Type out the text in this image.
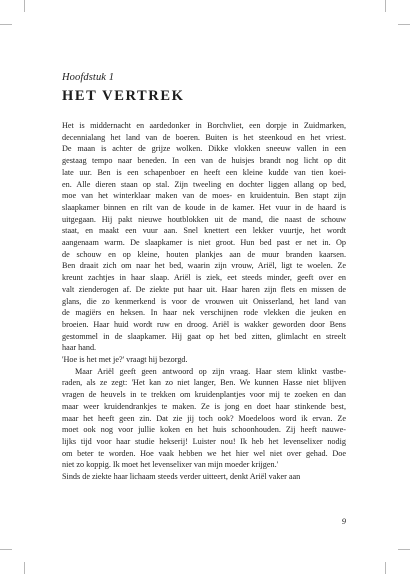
Hoofdstuk 1
HET VERTREK

Het is middernacht en aardedonker in Borchvliet, een dorpje in Zuidmarken,

decennialang het land van de boeren. Buiten is het steenkoud en het vriest.

De maan is achter de grijze wolken. Dikke vlokken sneeuw vallen in een

gestaag tempo naar beneden. In een van de huisjes brandt nog licht op dit

late uur. Ben is een schapenboer en heeft een kleine kudde van tien koei-

en. Alle dieren staan op stal. Zijn tweeling en dochter liggen allang op bed,

moe van het winterklaar maken van de moes- en kruidentuin. Ben stapt zijn

slaapkamer binnen en rilt van de koude in de kamer. Het vuur in de haard is

uitgegaan. Hij pakt nieuwe houtblokken uit de mand, die naast de schouw

staat, en maakt een vuur aan. Snel knettert een lekker vuurtje, het wordt

aangenaam warm. De slaapkamer is niet groot. Hun bed past er net in. Op

de schouw en op kleine, houten plankjes aan de muur branden kaarsen.

Ben draait zich om naar het bed, waarin zijn vrouw, Ariël, ligt te woelen. Ze

kreunt zachtjes in haar slaap. Ariël is ziek, eet steeds minder, geeft over en

valt zienderogen af. De ziekte put haar uit. Haar haren zijn flets en missen de

glans, die zo kenmerkend is voor de vrouwen uit Onisserland, het land van

de magiërs en heksen. In haar nek verschijnen rode vlekken die jeuken en

broeien. Haar huid wordt ruw en droog. Ariël is wakker geworden door Bens

gestommel in de slaapkamer. Hij gaat op het bed zitten, glimlacht en streelt

haar hand.

'Hoe is het met je?' vraagt hij bezorgd.

Maar Ariël geeft geen antwoord op zijn vraag. Haar stem klinkt vastbe-

raden, als ze zegt: 'Het kan zo niet langer, Ben. We kunnen Hasse niet blijven

vragen de heuvels in te trekken om kruidenplantjes voor mij te zoeken en dan

maar weer kruidendrankjes te maken. Ze is jong en doet haar stinkende best,

maar het heeft geen zin. Dat zie jij toch ook? Moedeloos word ik ervan. Ze

moet ook nog voor jullie koken en het huis schoonhouden. Zij heeft nauwe-

lijks tijd voor haar studie hekserij! Luister nou! Ik heb het levenselixer nodig

om beter te worden. Hoe vaak hebben we het hier wel niet over gehad. Doe

niet zo koppig. Ik moet het levenselixer van mijn moeder krijgen.'

Sinds de ziekte haar lichaam steeds verder uitteert, denkt Ariël vaker aan

9
